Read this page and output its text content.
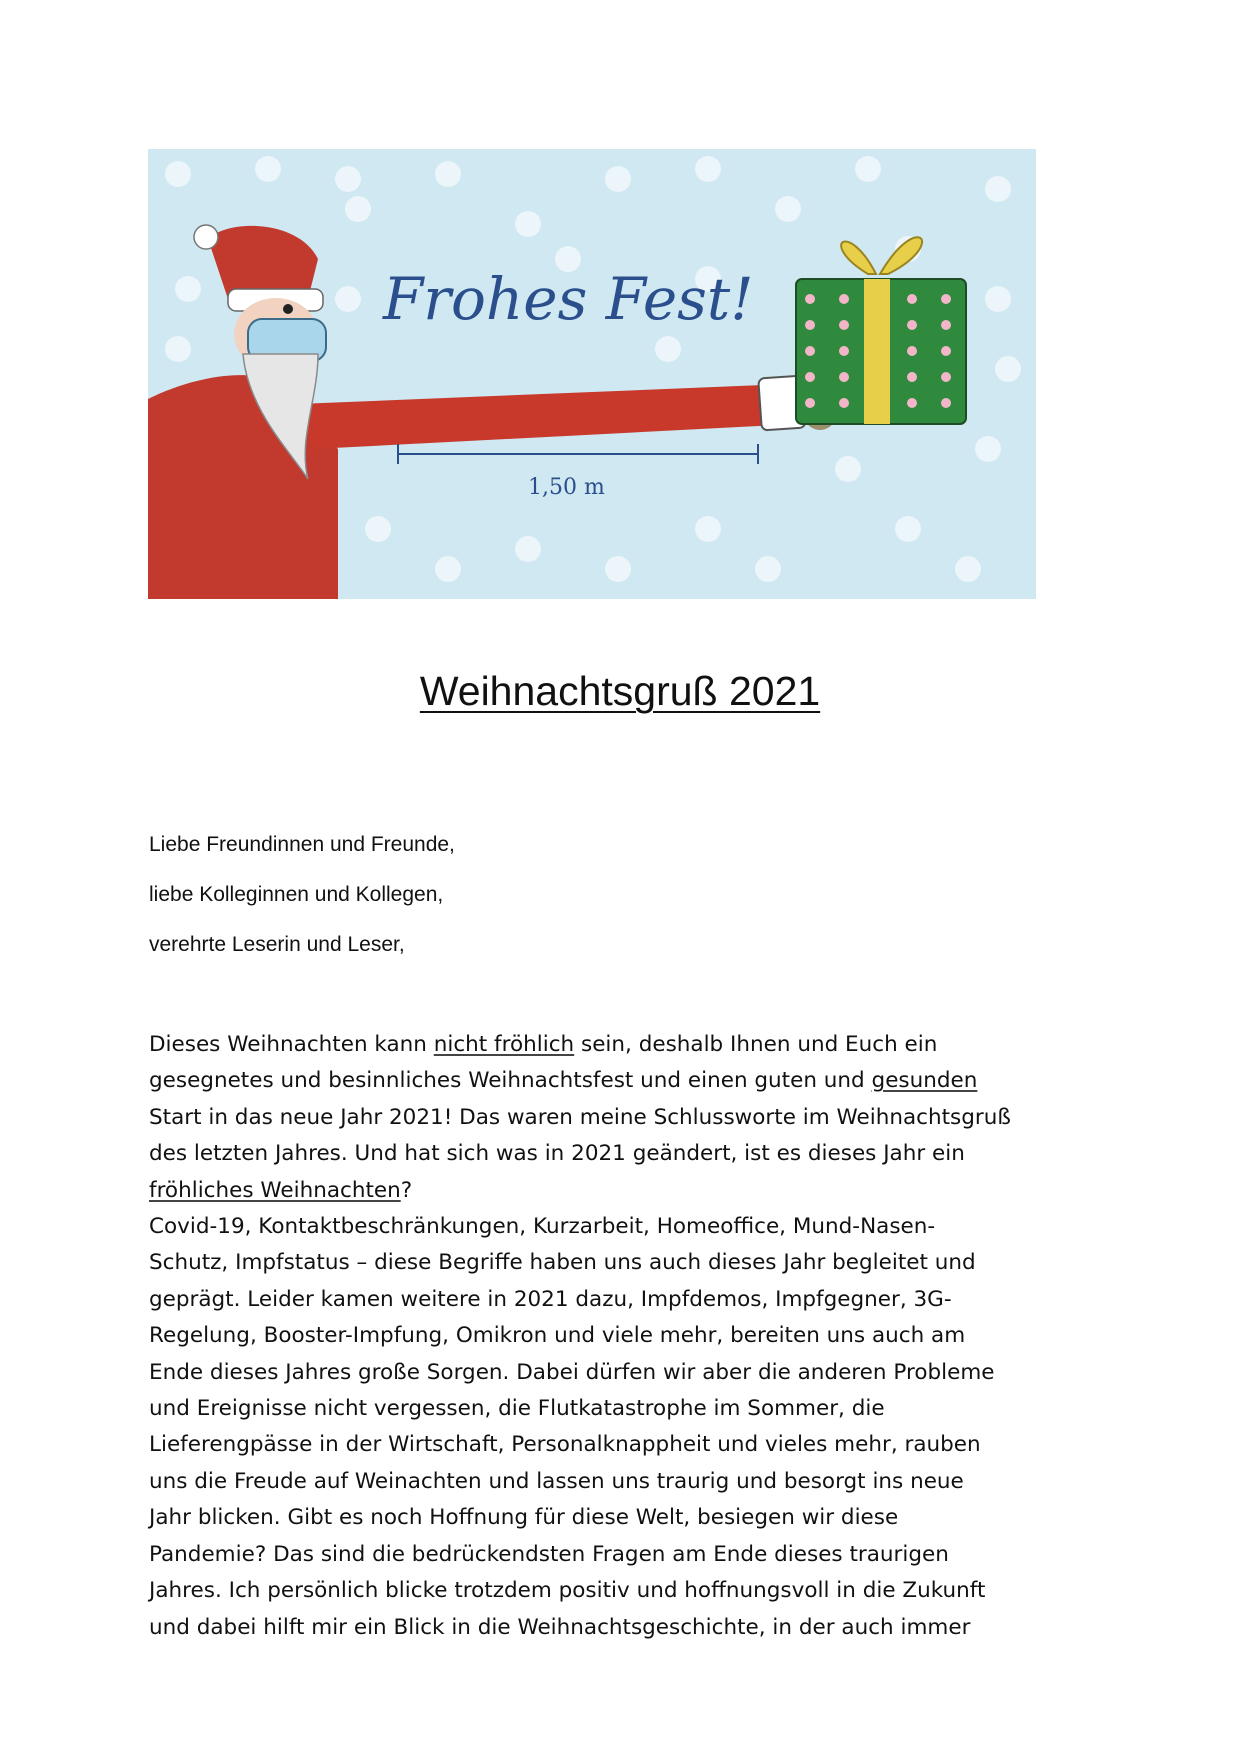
Frohes Fest!
1,50 m
Weihnachtsgruß 2021
Liebe Freundinnen und Freunde,
liebe Kolleginnen und Kollegen,
verehrte Leserin und Leser,
Dieses Weihnachten kann nicht fröhlich sein, deshalb Ihnen und Euch ein
gesegnetes und besinnliches Weihnachtsfest und einen guten und gesunden
Start in das neue Jahr 2021! Das waren meine Schlussworte im Weihnachtsgruß
des letzten Jahres. Und hat sich was in 2021 geändert, ist es dieses Jahr ein
fröhliches Weihnachten?
Covid-19, Kontaktbeschränkungen, Kurzarbeit, Homeoffice, Mund-Nasen-
Schutz, Impfstatus – diese Begriffe haben uns auch dieses Jahr begleitet und
geprägt. Leider kamen weitere in 2021 dazu, Impfdemos, Impfgegner, 3G-
Regelung, Booster-Impfung, Omikron und viele mehr, bereiten uns auch am
Ende dieses Jahres große Sorgen. Dabei dürfen wir aber die anderen Probleme
und Ereignisse nicht vergessen, die Flutkatastrophe im Sommer, die
Lieferengpässe in der Wirtschaft, Personalknappheit und vieles mehr, rauben
uns die Freude auf Weinachten und lassen uns traurig und besorgt ins neue
Jahr blicken. Gibt es noch Hoffnung für diese Welt, besiegen wir diese
Pandemie? Das sind die bedrückendsten Fragen am Ende dieses traurigen
Jahres. Ich persönlich blicke trotzdem positiv und hoffnungsvoll in die Zukunft
und dabei hilft mir ein Blick in die Weihnachtsgeschichte, in der auch immer
